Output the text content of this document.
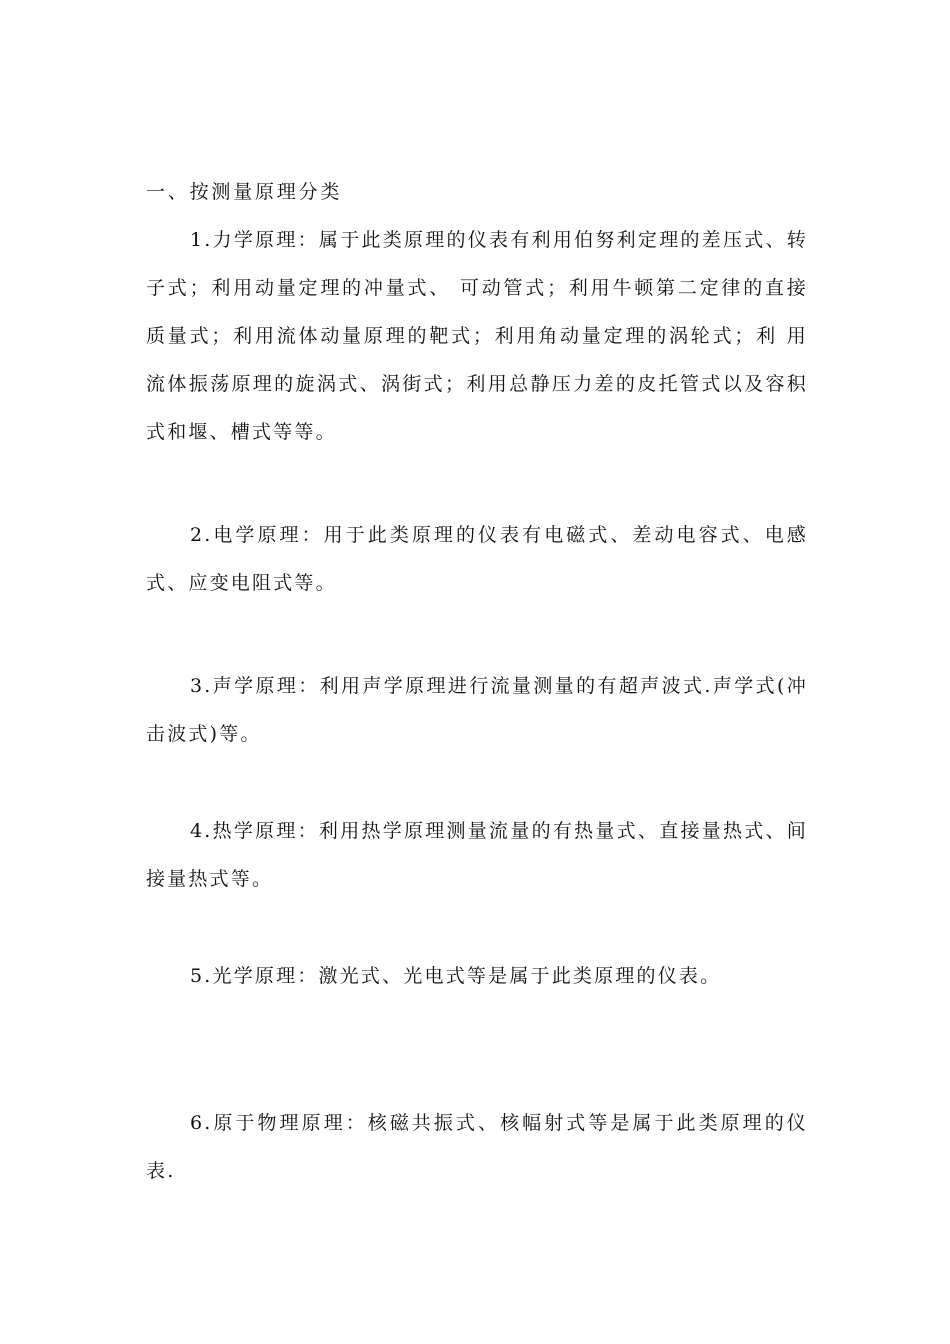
一、按测量原理分类
1.力学原理：属于此类原理的仪表有利用伯努利定理的差压式、转子式；利用动量定理的冲量式、 可动管式；利用牛顿第二定律的直接质量式；利用流体动量原理的靶式；利用角动量定理的涡轮式；利 用流体振荡原理的旋涡式、涡街式；利用总静压力差的皮托管式以及容积式和堰、槽式等等。
2.电学原理：用于此类原理的仪表有电磁式、差动电容式、电感式、应变电阻式等。
3.声学原理：利用声学原理进行流量测量的有超声波式.声学式(冲击波式)等。
4.热学原理：利用热学原理测量流量的有热量式、直接量热式、间接量热式等。
5.光学原理：激光式、光电式等是属于此类原理的仪表。
6.原于物理原理：核磁共振式、核幅射式等是属于此类原理的仪表.
